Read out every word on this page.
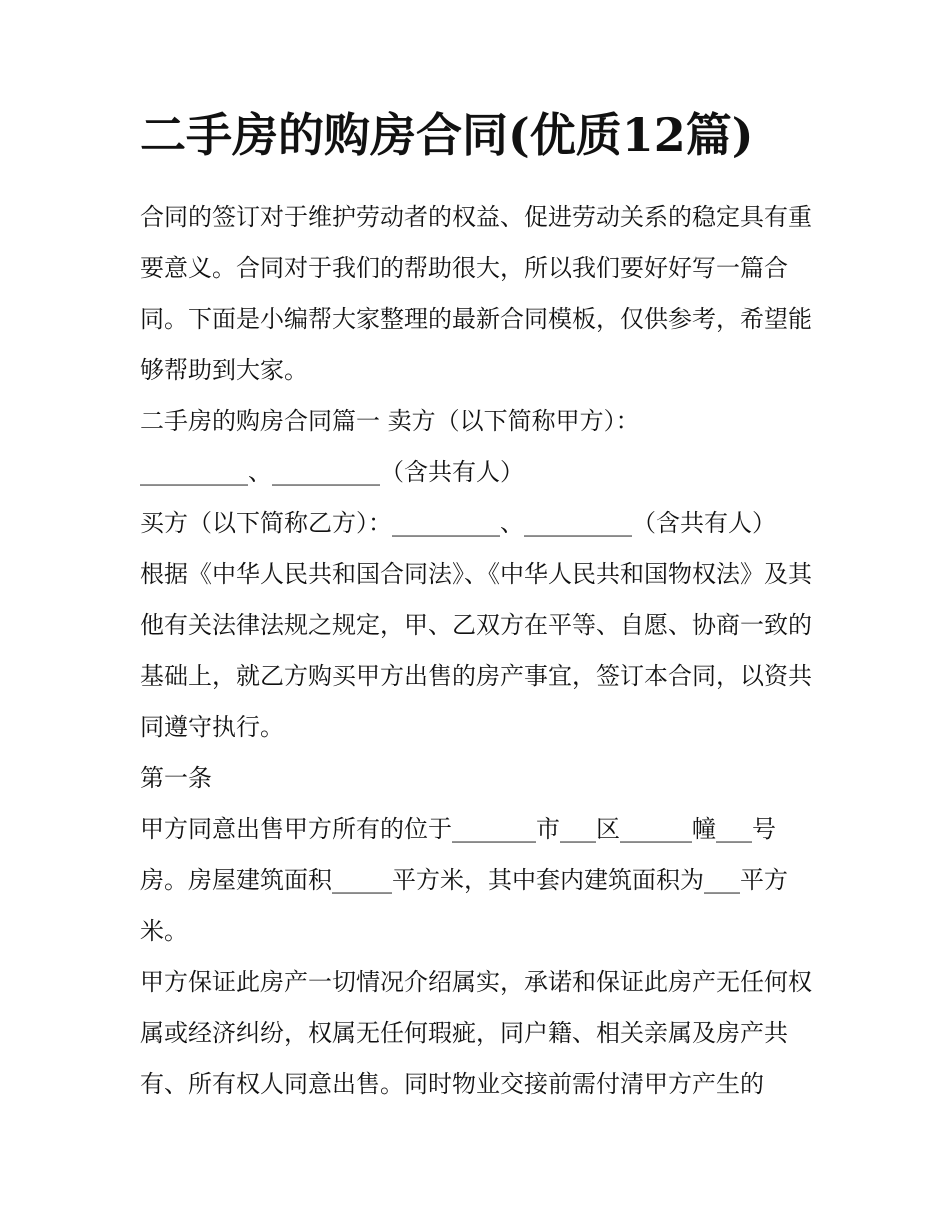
二手房的购房合同(优质12篇)

合同的签订对于维护劳动者的权益、促进劳动关系的稳定具有重要意义。合同对于我们的帮助很大，所以我们要好好写一篇合同。下面是小编帮大家整理的最新合同模板，仅供参考，希望能够帮助到大家。

二手房的购房合同篇一 卖方（以下简称甲方）：

_________、_________（含共有人）

买方（以下简称乙方）：_________、_________（含共有人）

根据《中华人民共和国合同法》、《中华人民共和国物权法》及其他有关法律法规之规定，甲、乙双方在平等、自愿、协商一致的基础上，就乙方购买甲方出售的房产事宜，签订本合同，以资共同遵守执行。

第一条

甲方同意出售甲方所有的位于_______市___区______幢___号房。房屋建筑面积_____平方米，其中套内建筑面积为___平方米。

甲方保证此房产一切情况介绍属实，承诺和保证此房产无任何权属或经济纠纷，权属无任何瑕疵，同户籍、相关亲属及房产共有、所有权人同意出售。同时物业交接前需付清甲方产生的
